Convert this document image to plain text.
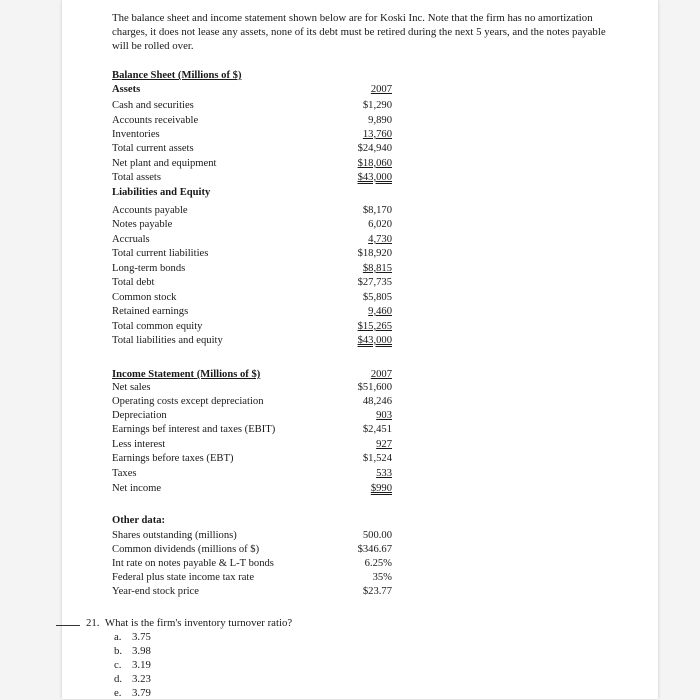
The balance sheet and income statement shown below are for Koski Inc. Note that the firm has no amortization charges, it does not lease any assets, none of its debt must be retired during the next 5 years, and the notes payable will be rolled over.
Balance Sheet (Millions of $)
Assets	2007
Cash and securities	$1,290
Accounts receivable	9,890
Inventories	13,760
Total current assets	$24,940
Net plant and equipment	$18,060
Total assets	$43,000
Liabilities and Equity
Accounts payable	$8,170
Notes payable	6,020
Accruals	4,730
Total current liabilities	$18,920
Long-term bonds	$8,815
Total debt	$27,735
Common stock	$5,805
Retained earnings	9,460
Total common equity	$15,265
Total liabilities and equity	$43,000
Income Statement (Millions of $)	2007
Net sales	$51,600
Operating costs except depreciation	48,246
Depreciation	903
Earnings bef interest and taxes (EBIT)	$2,451
Less interest	927
Earnings before taxes (EBT)	$1,524
Taxes	533
Net income	$990
Other data:
Shares outstanding (millions)	500.00
Common dividends (millions of $)	$346.67
Int rate on notes payable & L-T bonds	6.25%
Federal plus state income tax rate	35%
Year-end stock price	$23.77
21. What is the firm's inventory turnover ratio?
a. 3.75
b. 3.98
c. 3.19
d. 3.23
e. 3.79
